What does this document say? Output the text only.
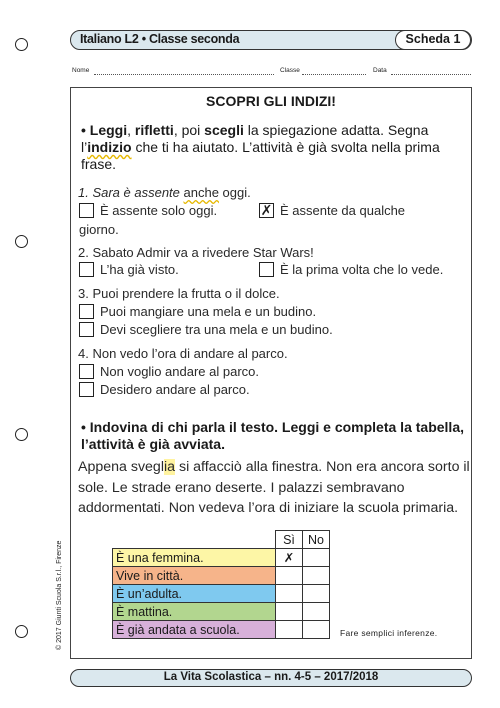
Italiano L2 • Classe seconda	Scheda 1
Nome	Classe	Data
SCOPRI GLI INDIZI!
• Leggi, rifletti, poi scegli la spiegazione adatta. Segna l’indizio che ti ha aiutato. L’attività è già svolta nella prima frase.
1. Sara è assente anche oggi.
È assente solo oggi.	✗ È assente da qualche
giorno.
2. Sabato Admir va a rivedere Star Wars!
L’ha già visto.	È la prima volta che lo vede.
3. Puoi prendere la frutta o il dolce.
Puoi mangiare una mela e un budino.
Devi scegliere tra una mela e un budino.
4. Non vedo l’ora di andare al parco.
Non voglio andare al parco.
Desidero andare al parco.
• Indovina di chi parla il testo. Leggi e completa la tabella, l’attività è già avviata.
Appena sveglia si affacciò alla finestra. Non era ancora sorto il sole. Le strade erano deserte. I palazzi sembravano addormentati. Non vedeva l’ora di iniziare la scuola primaria.
	Sì	No
È una femmina.	✗	
Vive in città.		
È un’adulta.		
È mattina.		
È già andata a scuola.			Fare semplici inferenze.
© 2017 Giunti Scuola S.r.l., Firenze
La Vita Scolastica – nn. 4-5 – 2017/2018
